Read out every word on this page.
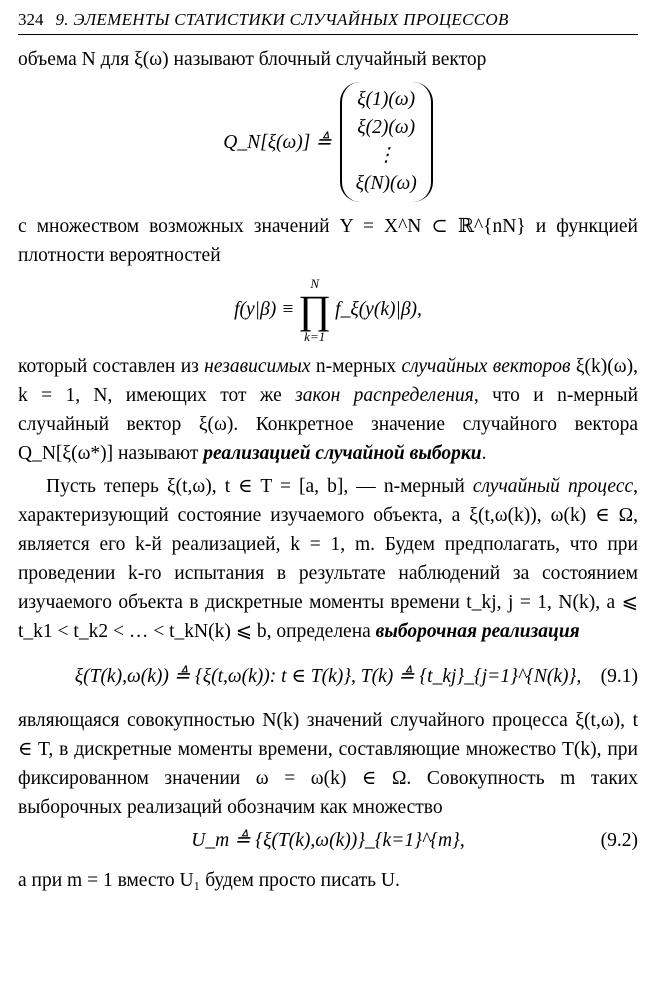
324 9. ЭЛЕМЕНТЫ СТАТИСТИКИ СЛУЧАЙНЫХ ПРОЦЕССОВ

объема N для ξ(ω) называют блочный случайный вектор

Q_N[ξ(ω)] ≜
ξ(1)(ω)
ξ(2)(ω)
⋮
ξ(N)(ω)

с множеством возможных значений Y = X^N ⊂ ℝ^{nN} и функцией плотности вероятностей

f(y|β) ≡
N
∏
k=1
f_ξ(y(k)|β),

который составлен из независимых n-мерных случайных векторов ξ(k)(ω), k = 1, N, имеющих тот же закон распределения, что и n-мерный случайный вектор ξ(ω). Конкретное значение случайного вектора Q_N[ξ(ω*)] называют реализацией случайной выборки.

Пусть теперь ξ(t,ω), t ∈ T = [a, b], — n-мерный случайный процесс, характеризующий состояние изучаемого объекта, а ξ(t,ω(k)), ω(k) ∈ Ω, является его k-й реализацией, k = 1, m. Будем предполагать, что при проведении k-го испытания в результате наблюдений за состоянием изучаемого объекта в дискретные моменты времени t_kj, j = 1, N(k), a ⩽ t_k1 < t_k2 < … < t_kN(k) ⩽ b, определена выборочная реализация

ξ(T(k),ω(k)) ≜ {ξ(t,ω(k)): t ∈ T(k)}, T(k) ≜ {t_kj}_{j=1}^{N(k)}, (9.1)

являющаяся совокупностью N(k) значений случайного процесса ξ(t,ω), t ∈ T, в дискретные моменты времени, составляющие множество T(k), при фиксированном значении ω = ω(k) ∈ Ω. Совокупность m таких выборочных реализаций обозначим как множество

U_m ≜ {ξ(T(k),ω(k))}_{k=1}^{m},	(9.2)

а при m = 1 вместо U₁ будем просто писать U.
